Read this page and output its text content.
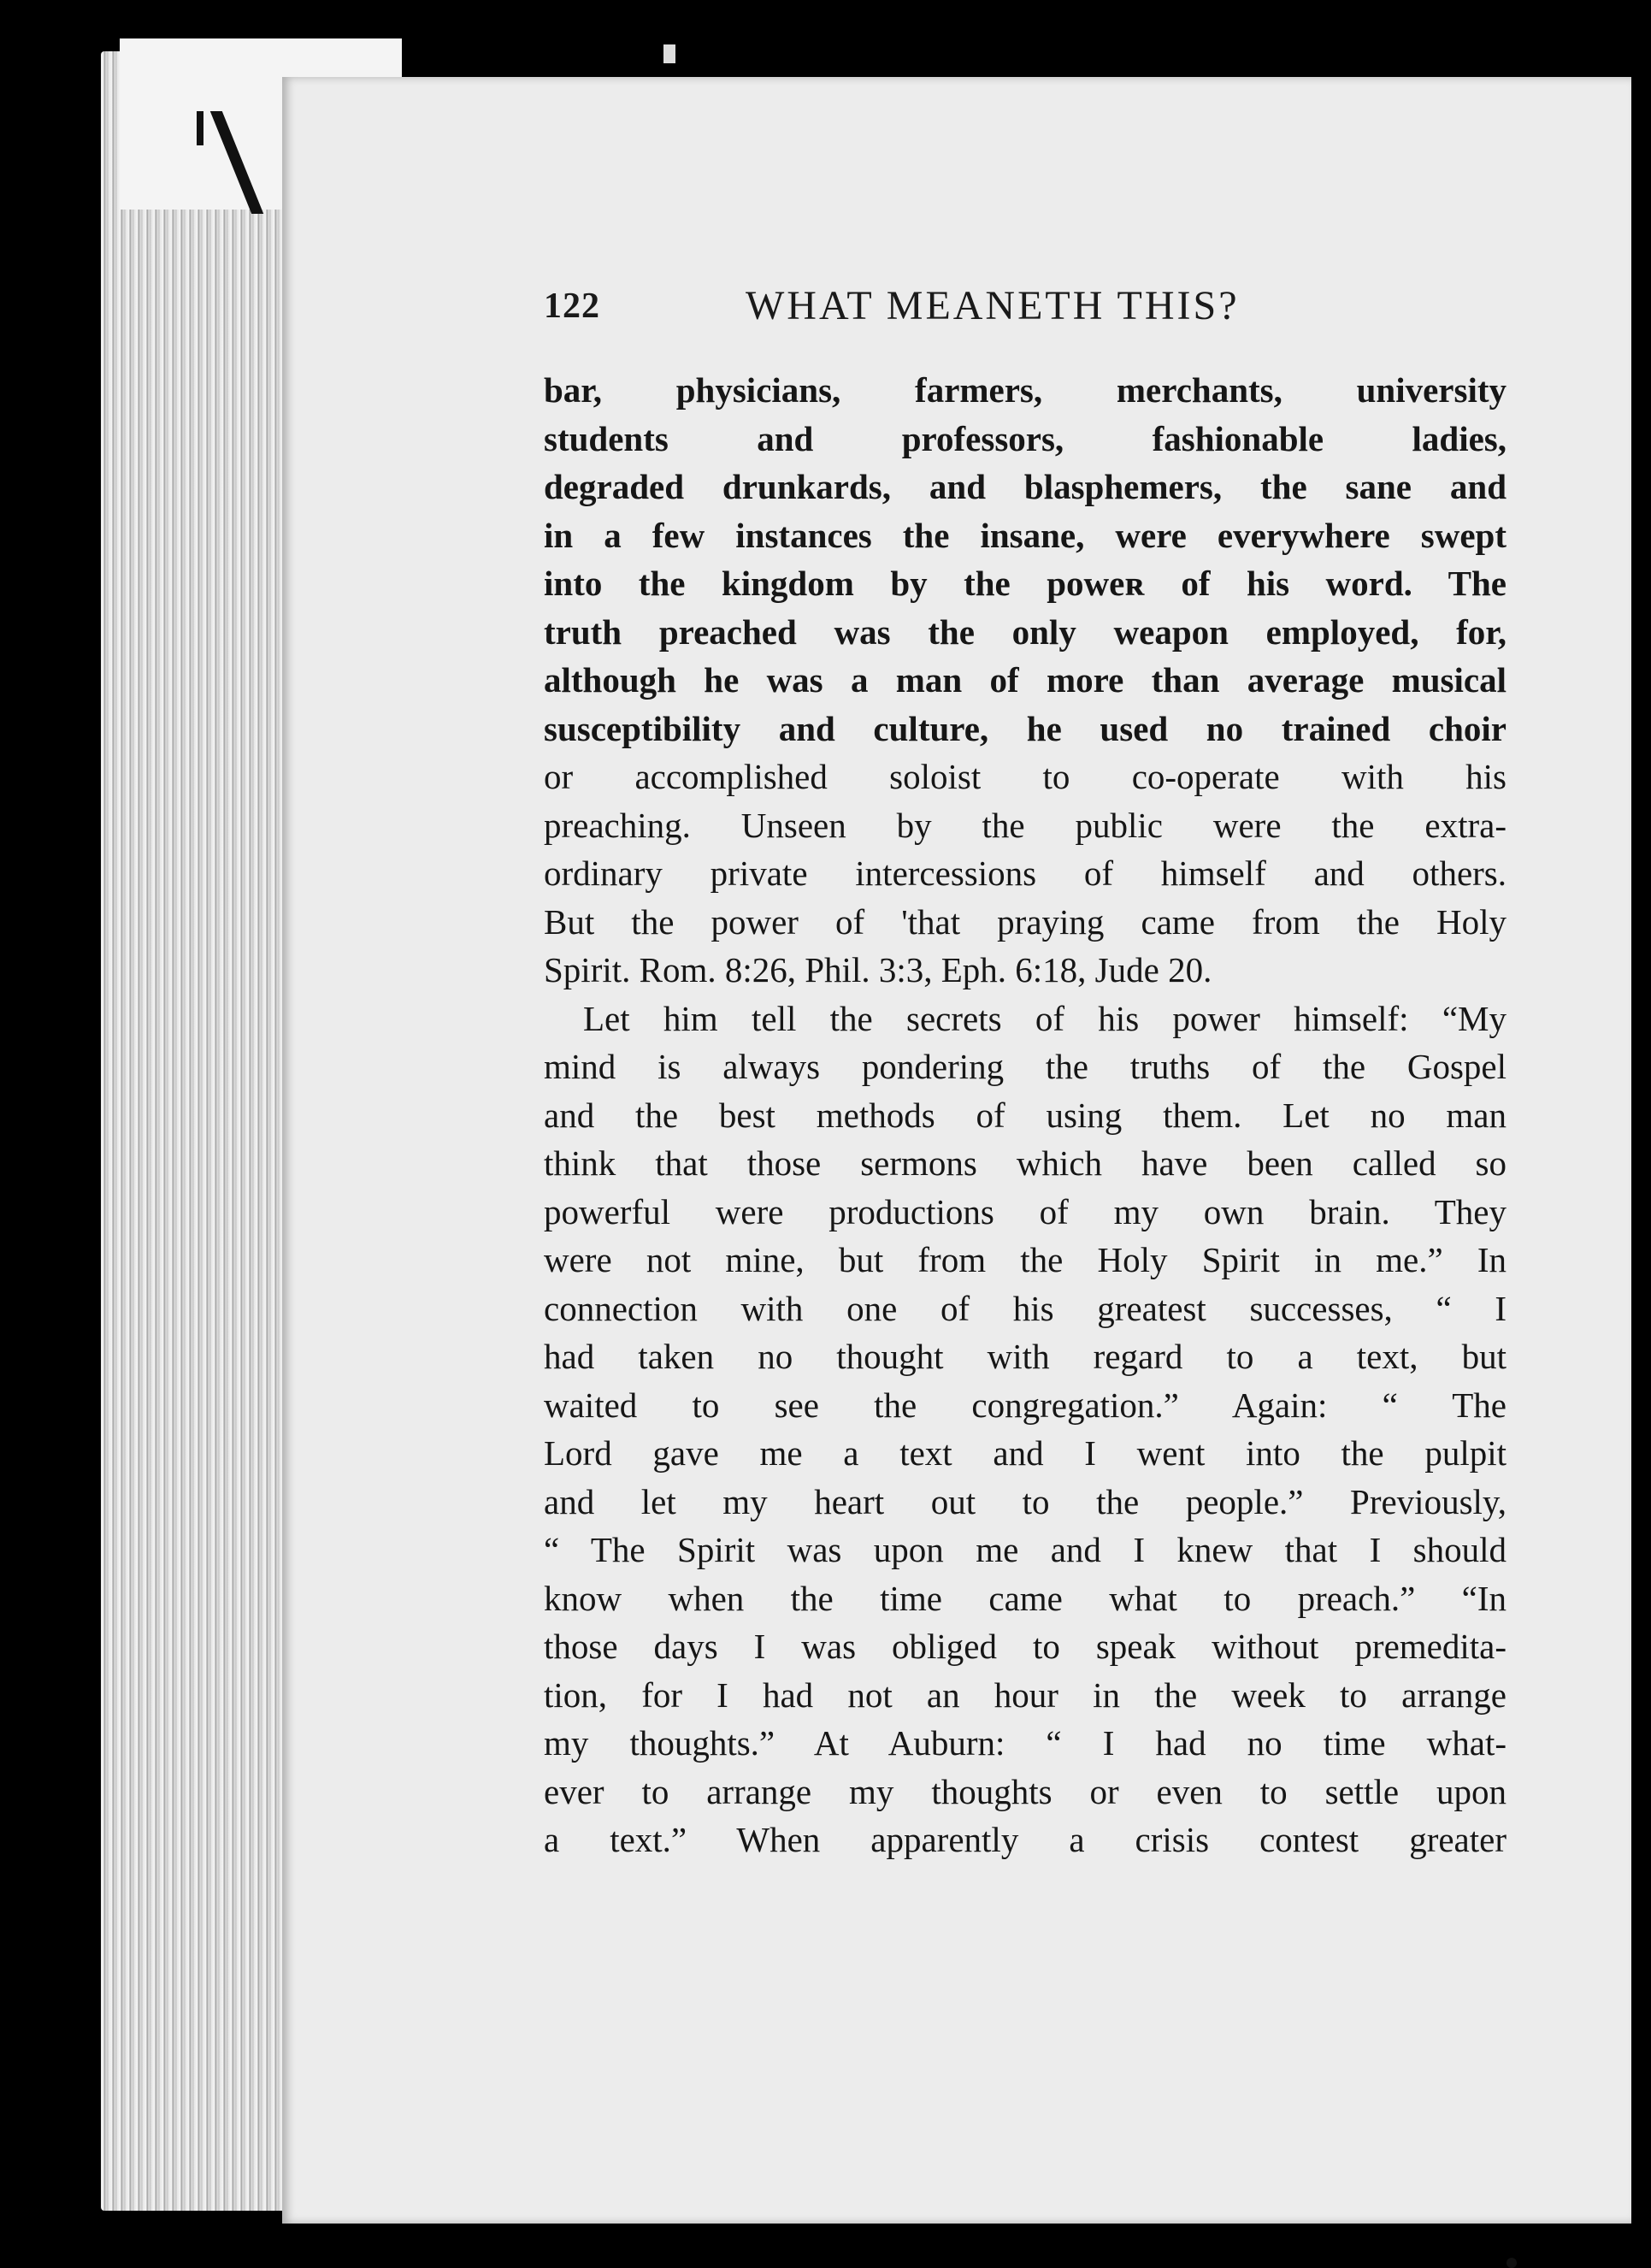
122	WHAT MEANETH THIS?
bar, physicians, farmers, merchants, university
students and professors, fashionable ladies,
degraded drunkards, and blasphemers, the sane and
in a few instances the insane, were everywhere swept
into the kingdom by the poweʀ of his word. The
truth preached was the only weapon employed, for,
although he was a man of more than average musical
susceptibility and culture, he used no trained choir
or accomplished soloist to co-operate with his
preaching. Unseen by the public were the extra-
ordinary private intercessions of himself and others.
But the power of 'that praying came from the Holy
Spirit. Rom. 8:26, Phil. 3:3, Eph. 6:18, Jude 20.
Let him tell the secrets of his power himself: “My
mind is always pondering the truths of the Gospel
and the best methods of using them. Let no man
think that those sermons which have been called so
powerful were productions of my own brain. They
were not mine, but from the Holy Spirit in me.” In
connection with one of his greatest successes, “ I
had taken no thought with regard to a text, but
waited to see the congregation.” Again: “ The
Lord gave me a text and I went into the pulpit
and let my heart out to the people.” Previously,
“ The Spirit was upon me and I knew that I should
know when the time came what to preach.” “In
those days I was obliged to speak without premedita-
tion, for I had not an hour in the week to arrange
my thoughts.” At Auburn: “ I had no time what-
ever to arrange my thoughts or even to settle upon
a text.” When apparently a crisis contest greater
